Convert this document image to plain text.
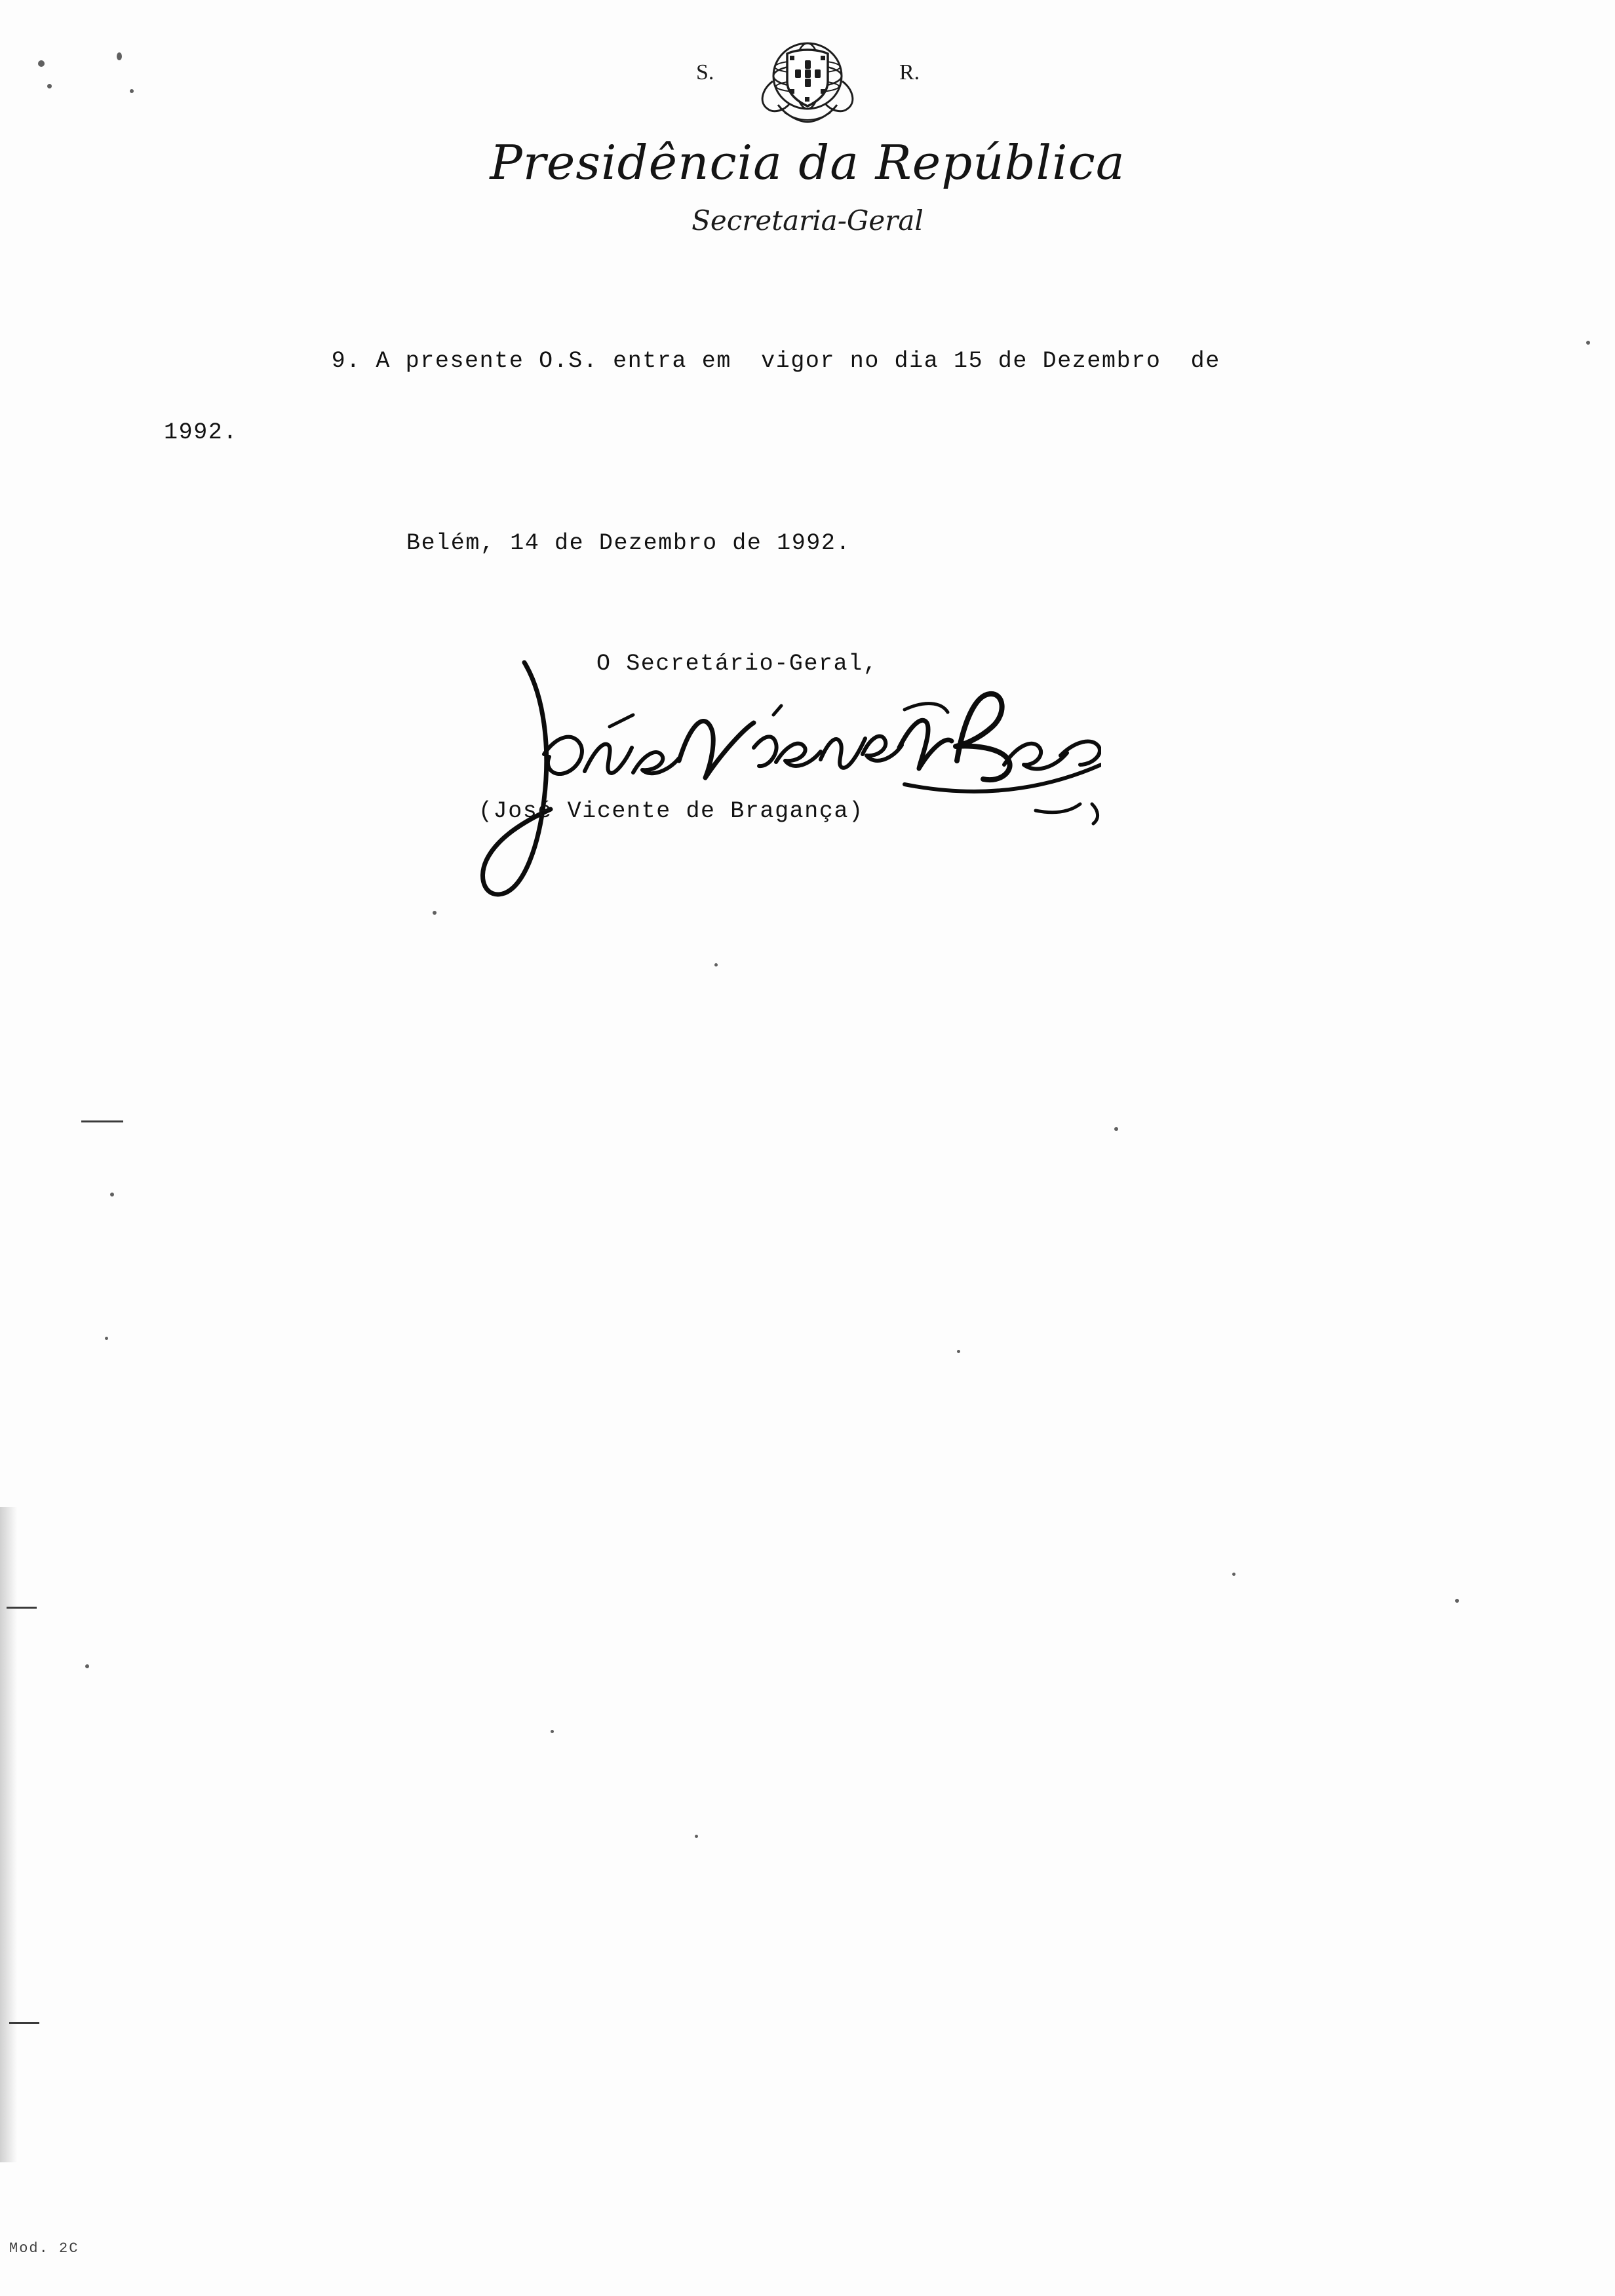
S.	R.
Presidência da República
Secretaria-Geral

9. A presente O.S. entra em  vigor no dia 15 de Dezembro  de

1992.

Belém, 14 de Dezembro de 1992.

O Secretário-Geral,
(José Vicente de Bragança)
Mod. 2C
